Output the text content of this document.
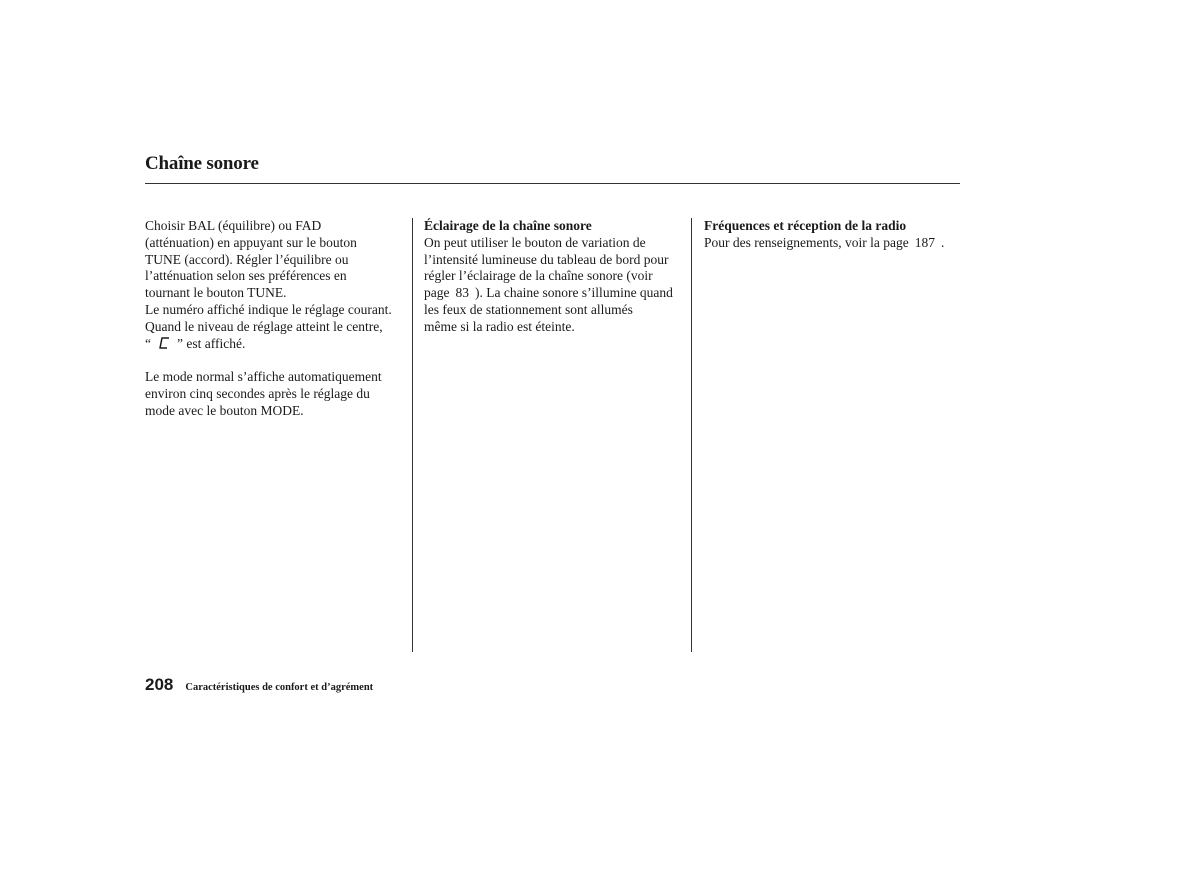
Chaîne sonore
Choisir BAL (équilibre) ou FAD
(atténuation) en appuyant sur le bouton
TUNE (accord). Régler l’équilibre ou
l’atténuation selon ses préférences en
tournant le bouton TUNE.
Le numéro affiché indique le réglage courant.
Quand le niveau de réglage atteint le centre,
“ ” est affiché.
Le mode normal s’affiche automatiquement
environ cinq secondes après le réglage du
mode avec le bouton MODE.
Éclairage de la chaîne sonore
On peut utiliser le bouton de variation de
l’intensité lumineuse du tableau de bord pour
régler l’éclairage de la chaîne sonore (voir
page 83 ). La chaine sonore s’illumine quand
les feux de stationnement sont allumés
même si la radio est éteinte.
Fréquences et réception de la radio
Pour des renseignements, voir la page 187 .
208 Caractéristiques de confort et d’agrément
